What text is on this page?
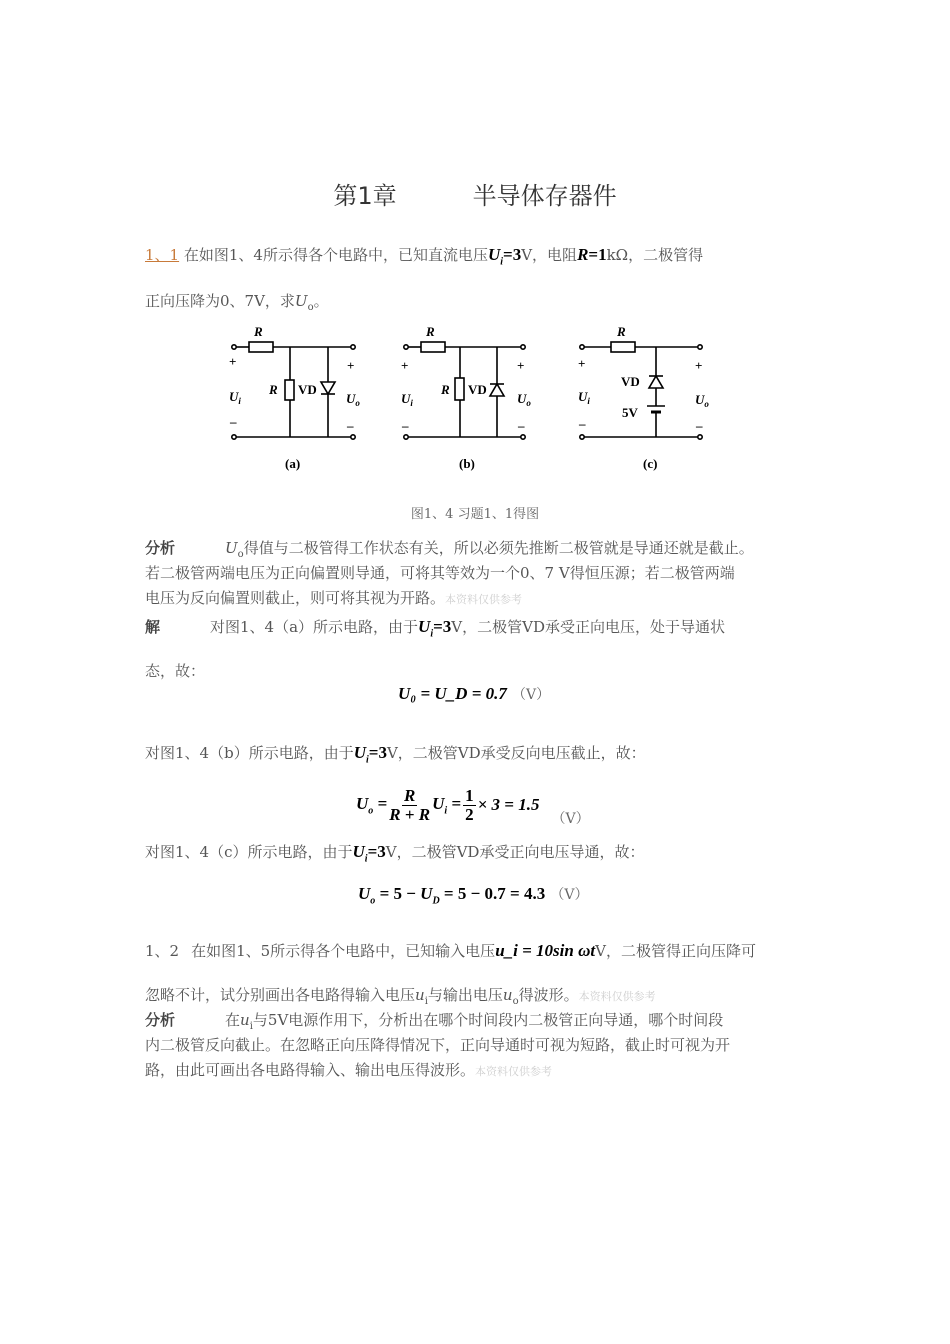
第1章	半导体存器件
1、1 在如图1、4所示得各个电路中，已知直流电压$U_i=3V$，电阻R=1kΩ，二极管得
正向压降为0、7V，求$U_o$。
R
+
$U_i$
–
R VD
+
$U_o$
–
(a)
R
+
$U_i$
–
R VD
+
$U_o$
–
(b)
R
+
$U_i$
–
VD
5V
+
$U_o$
–
(c)
图1、4 习题1、1得图
分析	$U_o$得值与二极管得工作状态有关，所以必须先推断二极管就是导通还就是截止。
若二极管两端电压为正向偏置则导通，可将其等效为一个0、7 V得恒压源；若二极管两端
电压为反向偏置则截止，则可将其视为开路。本资料仅供参考
解	对图1、4（a）所示电路，由于$U_i=3V$，二极管VD承受正向电压，处于导通状
态，故：
U₀ = U_D = 0.7 （V）
对图1、4（b）所示电路，由于$U_i=3V$，二极管VD承受反向电压截止，故：
$U_o = \frac{R}{R + R} U_i = \frac{1}{2} \times 3 = 1.5$
（V）
对图1、4（c）所示电路，由于$U_i=3V$，二极管VD承受正向电压导通，故：
$U_o = 5 - U_D = 5 - 0.7 = 4.3$ （V）
1、2 在如图1、5所示得各个电路中，已知输入电压u_i = 10sin ωtV，二极管得正向压降可
忽略不计，试分别画出各电路得输入电压$u_i$与输出电压$u_o$得波形。本资料仅供参考
分析	在$u_i$与5V电源作用下，分析出在哪个时间段内二极管正向导通，哪个时间段
内二极管反向截止。在忽略正向压降得情况下，正向导通时可视为短路，截止时可视为开
路，由此可画出各电路得输入、输出电压得波形。本资料仅供参考
